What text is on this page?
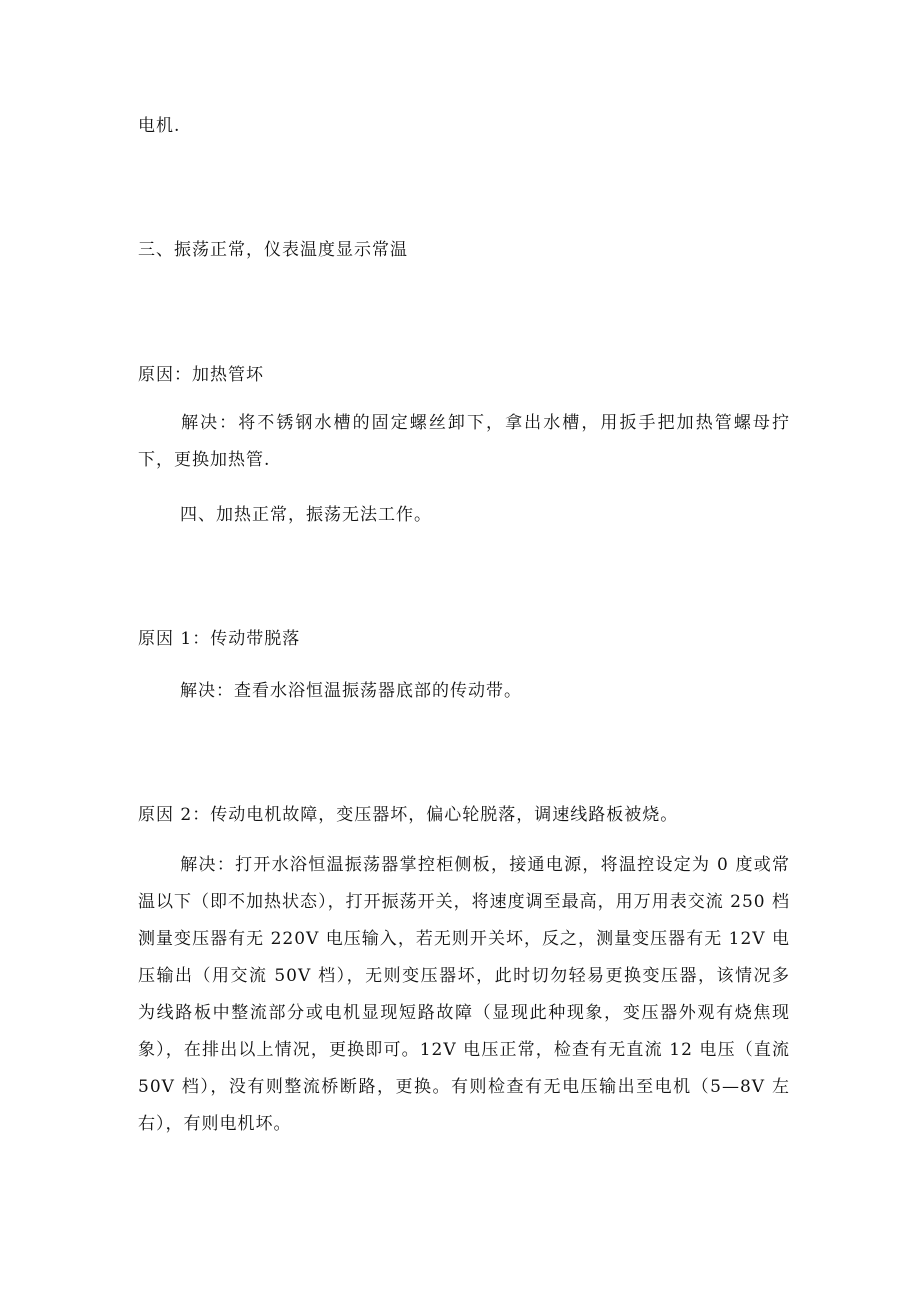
电机.
三、振荡正常，仪表温度显示常温
原因：加热管坏
解决：将不锈钢水槽的固定螺丝卸下，拿出水槽，用扳手把加热管螺母拧下，更换加热管.
四、加热正常，振荡无法工作。
原因 1：传动带脱落
解决：查看水浴恒温振荡器底部的传动带。
原因 2：传动电机故障，变压器坏，偏心轮脱落，调速线路板被烧。
解决：打开水浴恒温振荡器掌控柜侧板，接通电源，将温控设定为 0 度或常温以下（即不加热状态），打开振荡开关，将速度调至最高，用万用表交流 250 档测量变压器有无 220V 电压输入，若无则开关坏，反之，测量变压器有无 12V 电压输出（用交流 50V 档），无则变压器坏，此时切勿轻易更换变压器，该情况多为线路板中整流部分或电机显现短路故障（显现此种现象，变压器外观有烧焦现象），在排出以上情况，更换即可。12V 电压正常，检查有无直流 12 电压（直流 50V 档），没有则整流桥断路，更换。有则检查有无电压输出至电机（5—8V 左右），有则电机坏。
